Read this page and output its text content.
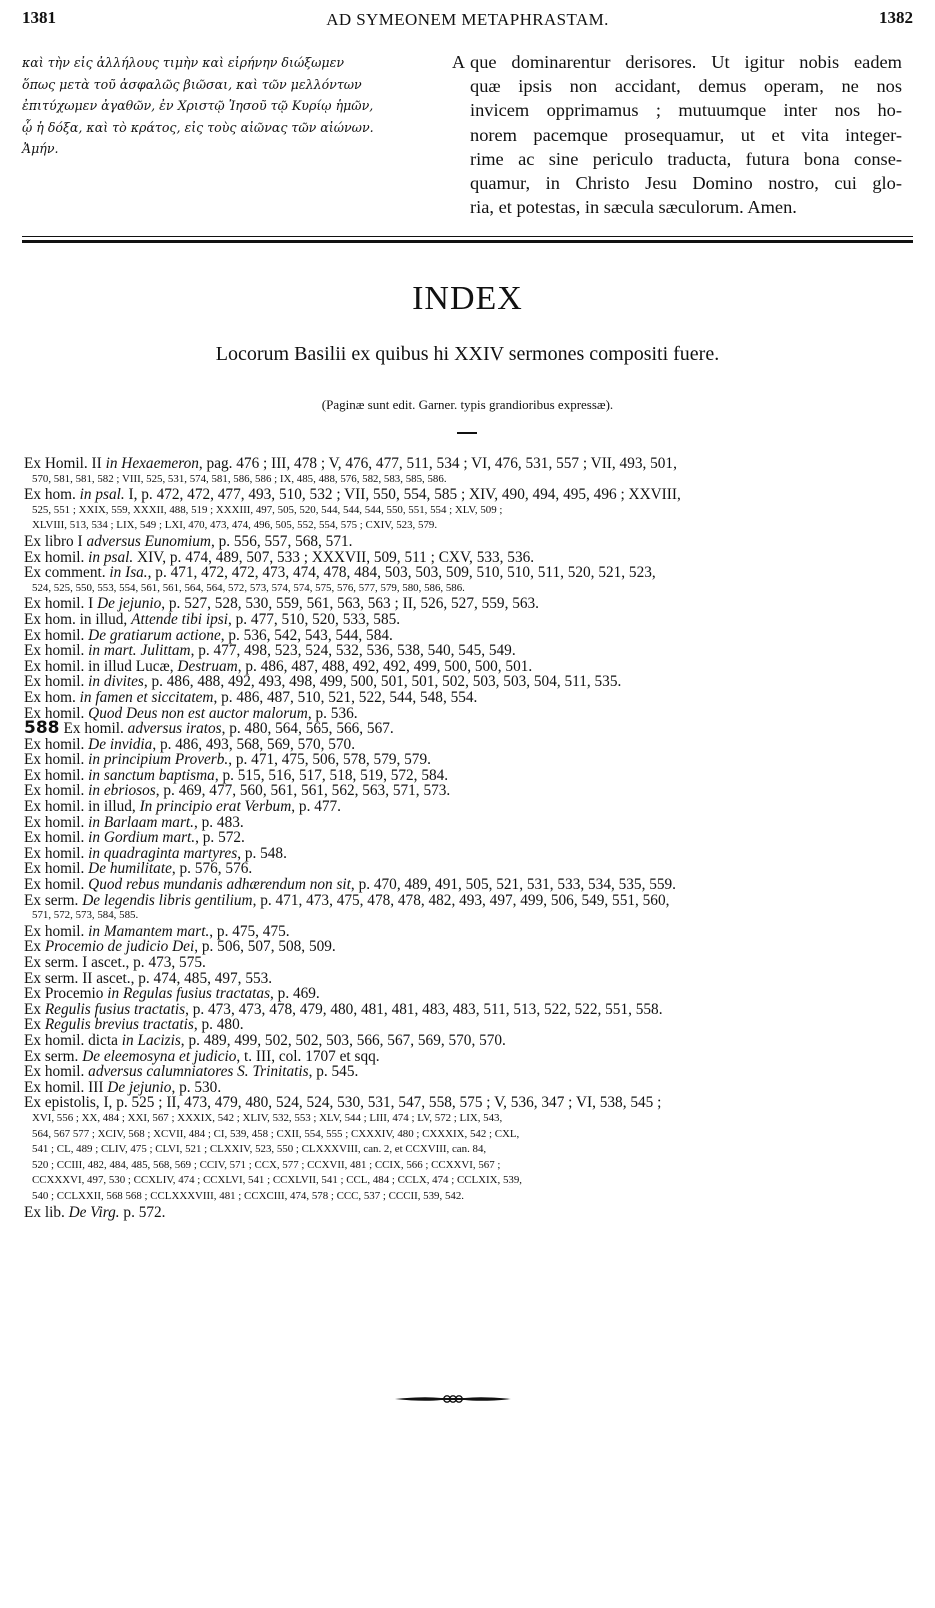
1381	AD SYMEONEM METAPHRASTAM.	1382
καὶ τὴν εἰς ἀλλήλους τιμὴν καὶ εἰρήνην διώξωμεν
ὅπως μετὰ τοῦ ἀσφαλῶς βιῶσαι, καὶ τῶν μελλόντων
ἐπιτύχωμεν ἀγαθῶν, ἐν Χριστῷ Ἰησοῦ τῷ Κυρίῳ ἡμῶν,
ᾧ ἡ δόξα, καὶ τὸ κράτος, εἰς τοὺς αἰῶνας τῶν αἰώνων.
Ἀμήν.
A que dominarentur derisores. Ut igitur nobis eadem
quæ ipsis non accidant, demus operam, ne nos
invicem opprimamus ; mutuumque inter nos ho-
norem pacemque prosequamur, ut et vita integer-
rime ac sine periculo traducta, futura bona conse-
quamur, in Christo Jesu Domino nostro, cui glo-
ria, et potestas, in sæcula sæculorum. Amen.
INDEX
Locorum Basilii ex quibus hi XXIV sermones compositi fuere.
(Paginæ sunt edit. Garner. typis grandioribus expressæ).
Ex Homil. II in Hexaemeron, pag. 476 ; III, 478 ; V, 476, 477, 511, 534 ; VI, 476, 531, 557 ; VII, 493, 501,
570, 581, 581, 582 ; VIII, 525, 531, 574, 581, 586, 586 ; IX, 485, 488, 576, 582, 583, 585, 586.
Ex hom. in psal. I, p. 472, 472, 477, 493, 510, 532 ; VII, 550, 554, 585 ; XIV, 490, 494, 495, 496 ; XXVIII,
525, 551 ; XXIX, 559, XXXII, 488, 519 ; XXXIII, 497, 505, 520, 544, 544, 544, 550, 551, 554 ; XLV, 509 ;
XLVIII, 513, 534 ; LIX, 549 ; LXI, 470, 473, 474, 496, 505, 552, 554, 575 ; CXIV, 523, 579.
Ex libro I adversus Eunomium, p. 556, 557, 568, 571.
Ex homil. in psal. XIV, p. 474, 489, 507, 533 ; XXXVII, 509, 511 ; CXV, 533, 536.
Ex comment. in Isa., p. 471, 472, 472, 473, 474, 478, 484, 503, 503, 509, 510, 510, 511, 520, 521, 523,
524, 525, 550, 553, 554, 561, 561, 564, 564, 572, 573, 574, 574, 575, 576, 577, 579, 580, 586, 586.
Ex homil. I De jejunio, p. 527, 528, 530, 559, 561, 563, 563 ; II, 526, 527, 559, 563.
Ex hom. in illud, Attende tibi ipsi, p. 477, 510, 520, 533, 585.
Ex homil. De gratiarum actione, p. 536, 542, 543, 544, 584.
Ex homil. in mart. Julittam, p. 477, 498, 523, 524, 532, 536, 538, 540, 545, 549.
Ex homil. in illud Lucæ, Destruam, p. 486, 487, 488, 492, 492, 499, 500, 500, 501.
Ex homil. in divites, p. 486, 488, 492, 493, 498, 499, 500, 501, 501, 502, 503, 503, 504, 511, 535.
Ex hom. in famen et siccitatem, p. 486, 487, 510, 521, 522, 544, 548, 554.
Ex homil. Quod Deus non est auctor malorum, p. 536.
588 Ex homil. adversus iratos, p. 480, 564, 565, 566, 567.
Ex homil. De invidia, p. 486, 493, 568, 569, 570, 570.
Ex homil. in principium Proverb., p. 471, 475, 506, 578, 579, 579.
Ex homil. in sanctum baptisma, p. 515, 516, 517, 518, 519, 572, 584.
Ex homil. in ebriosos, p. 469, 477, 560, 561, 561, 562, 563, 571, 573.
Ex homil. in illud, In principio erat Verbum, p. 477.
Ex homil. in Barlaam mart., p. 483.
Ex homil. in Gordium mart., p. 572.
Ex homil. in quadraginta martyres, p. 548.
Ex homil. De humilitate, p. 576, 576.
Ex homil. Quod rebus mundanis adhærendum non sit, p. 470, 489, 491, 505, 521, 531, 533, 534, 535, 559.
Ex serm. De legendis libris gentilium, p. 471, 473, 475, 478, 478, 482, 493, 497, 499, 506, 549, 551, 560,
571, 572, 573, 584, 585.
Ex homil. in Mamantem mart., p. 475, 475.
Ex Procemio de judicio Dei, p. 506, 507, 508, 509.
Ex serm. I ascet., p. 473, 575.
Ex serm. II ascet., p. 474, 485, 497, 553.
Ex Procemio in Regulas fusius tractatas, p. 469.
Ex Regulis fusius tractatis, p. 473, 473, 478, 479, 480, 481, 481, 483, 483, 511, 513, 522, 522, 551, 558.
Ex Regulis brevius tractatis, p. 480.
Ex homil. dicta in Lacizis, p. 489, 499, 502, 502, 503, 566, 567, 569, 570, 570.
Ex serm. De eleemosyna et judicio, t. III, col. 1707 et sqq.
Ex homil. adversus calumniatores S. Trinitatis, p. 545.
Ex homil. III De jejunio, p. 530.
Ex epistolis, I, p. 525 ; II, 473, 479, 480, 524, 524, 530, 531, 547, 558, 575 ; V, 536, 347 ; VI, 538, 545 ;
XVI, 556 ; XX, 484 ; XXI, 567 ; XXXIX, 542 ; XLIV, 532, 553 ; XLV, 544 ; LIII, 474 ; LV, 572 ; LIX, 543,
564, 567 577 ; XCIV, 568 ; XCVII, 484 ; CI, 539, 458 ; CXII, 554, 555 ; CXXXIV, 480 ; CXXXIX, 542 ; CXL,
541 ; CL, 489 ; CLIV, 475 ; CLVI, 521 ; CLXXIV, 523, 550 ; CLXXXVIII, can. 2, et CCXVIII, can. 84,
520 ; CCIII, 482, 484, 485, 568, 569 ; CCIV, 571 ; CCX, 577 ; CCXVII, 481 ; CCIX, 566 ; CCXXVI, 567 ;
CCXXXVI, 497, 530 ; CCXLIV, 474 ; CCXLVI, 541 ; CCXLVII, 541 ; CCL, 484 ; CCLX, 474 ; CCLXIX, 539,
540 ; CCLXXII, 568 568 ; CCLXXXVIII, 481 ; CCXCIII, 474, 578 ; CCC, 537 ; CCCII, 539, 542.
Ex lib. De Virg. p. 572.
